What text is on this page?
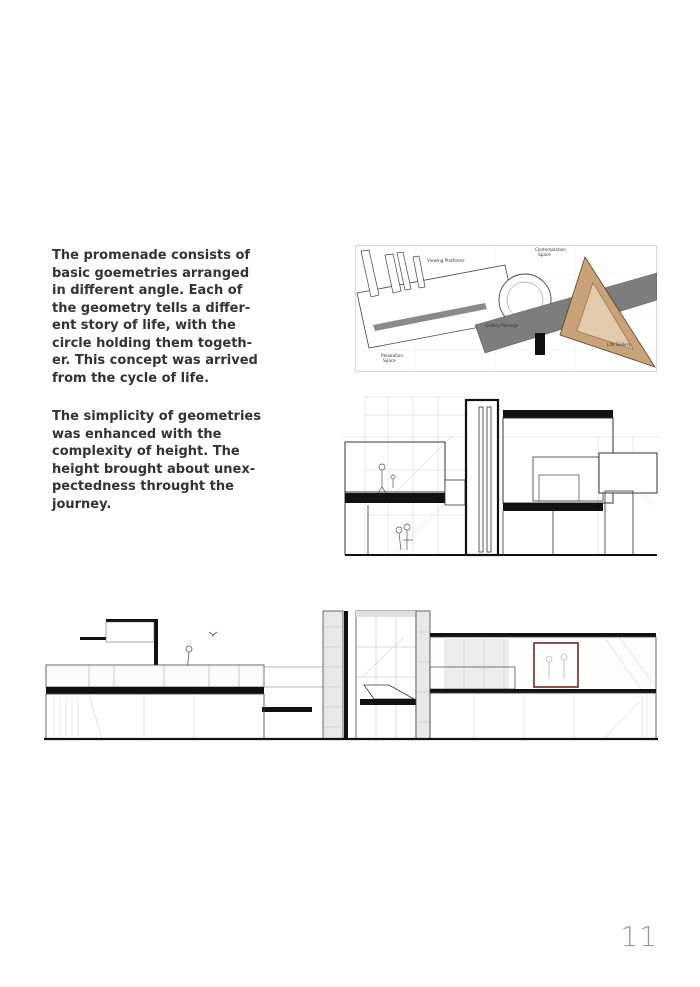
The promenade consists of
basic goemetries arranged
in different angle. Each of
the geometry tells a differ-
ent story of life, with the
circle holding them togeth-
er. This concept was arrived
from the cycle of life.

The simplicity of geometries
was enhanced with the
complexity of height. The
height brought about unex-
pectedness throught the
journey.

Viewing Platforms
Contemplation
Space
Gallery Passage
Relaxation
Space
Life Gallery
11
